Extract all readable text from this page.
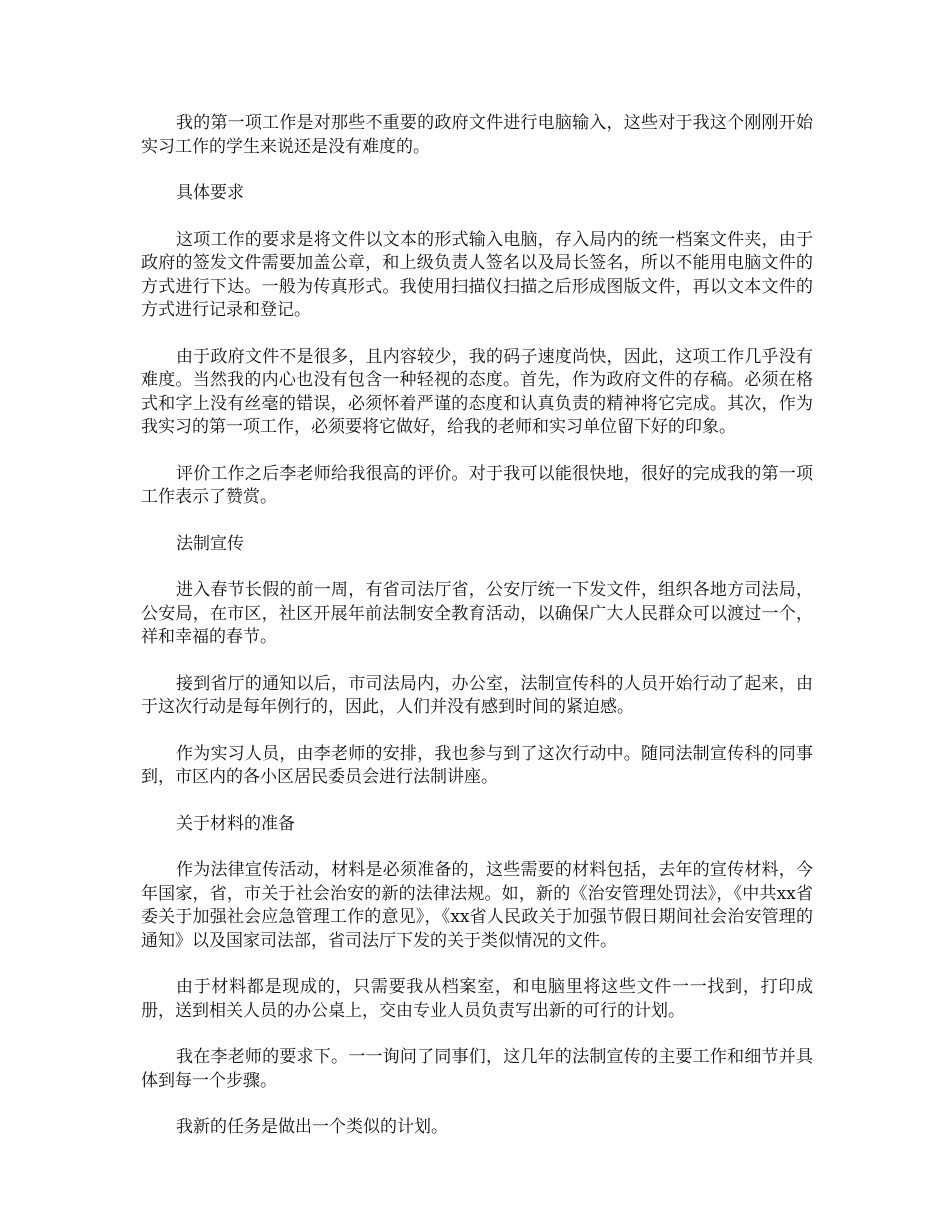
我的第一项工作是对那些不重要的政府文件进行电脑输入，这些对于我这个刚刚开始实习工作的学生来说还是没有难度的。

具体要求

这项工作的要求是将文件以文本的形式输入电脑，存入局内的统一档案文件夹，由于政府的签发文件需要加盖公章，和上级负责人签名以及局长签名，所以不能用电脑文件的方式进行下达。一般为传真形式。我使用扫描仪扫描之后形成图版文件，再以文本文件的方式进行记录和登记。

由于政府文件不是很多，且内容较少，我的码子速度尚快，因此，这项工作几乎没有难度。当然我的内心也没有包含一种轻视的态度。首先，作为政府文件的存稿。必须在格式和字上没有丝毫的错误，必须怀着严谨的态度和认真负责的精神将它完成。其次，作为我实习的第一项工作，必须要将它做好，给我的老师和实习单位留下好的印象。

评价工作之后李老师给我很高的评价。对于我可以能很快地，很好的完成我的第一项工作表示了赞赏。

法制宣传

进入春节长假的前一周，有省司法厅省，公安厅统一下发文件，组织各地方司法局，公安局，在市区，社区开展年前法制安全教育活动，以确保广大人民群众可以渡过一个，祥和幸福的春节。

接到省厅的通知以后，市司法局内，办公室，法制宣传科的人员开始行动了起来，由于这次行动是每年例行的，因此，人们并没有感到时间的紧迫感。

作为实习人员，由李老师的安排，我也参与到了这次行动中。随同法制宣传科的同事到，市区内的各小区居民委员会进行法制讲座。

关于材料的准备

作为法律宣传活动，材料是必须准备的，这些需要的材料包括，去年的宣传材料，今年国家，省，市关于社会治安的新的法律法规。如，新的《治安管理处罚法》，《中共xx省委关于加强社会应急管理工作的意见》，《xx省人民政关于加强节假日期间社会治安管理的通知》以及国家司法部，省司法厅下发的关于类似情况的文件。

由于材料都是现成的，只需要我从档案室，和电脑里将这些文件一一找到，打印成册，送到相关人员的办公桌上，交由专业人员负责写出新的可行的计划。

我在李老师的要求下。一一询问了同事们，这几年的法制宣传的主要工作和细节并具体到每一个步骤。

我新的任务是做出一个类似的计划。
